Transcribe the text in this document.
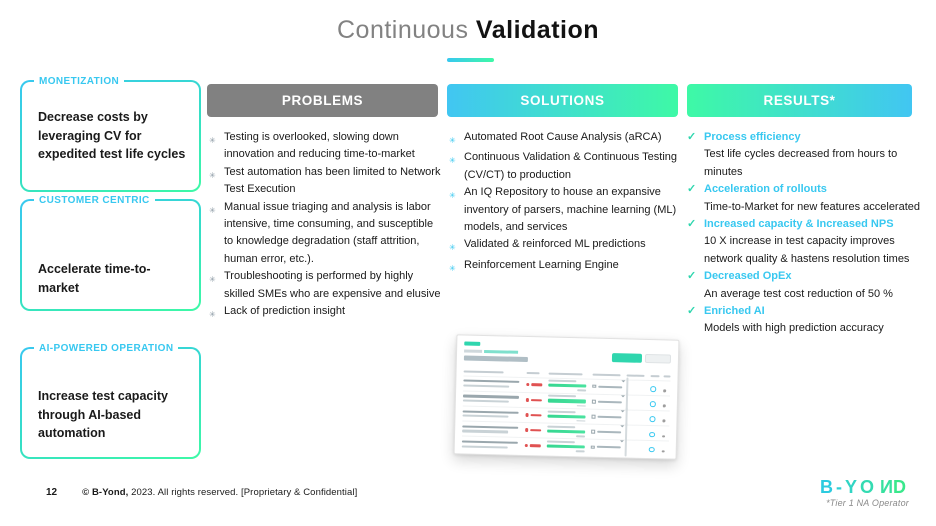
Continuous Validation
MONETIZATION
Decrease costs by leveraging CV for expedited test life cycles
CUSTOMER CENTRIC
Accelerate time-to-market
AI-POWERED OPERATION
Increase test capacity through AI-based automation
PROBLEMS	SOLUTIONS	RESULTS*
✳ Testing is overlooked, slowing down innovation and reducing time-to-market
✳ Test automation has been limited to Network Test Execution
✳ Manual issue triaging and analysis is labor intensive, time consuming, and susceptible to knowledge degradation (staff attrition, human error, etc.).
✳ Troubleshooting is performed by highly skilled SMEs who are expensive and elusive
✳ Lack of prediction insight
✳ Automated Root Cause Analysis (aRCA)
✳ Continuous Validation & Continuous Testing (CV/CT) to production
✳ An IQ Repository to house an expansive inventory of parsers, machine learning (ML) models, and services
✳ Validated & reinforced ML predictions
✳ Reinforcement Learning Engine
✓ Process efficiency
Test life cycles decreased from hours to minutes
✓ Acceleration of rollouts
Time-to-Market for new features accelerated
✓ Increased capacity & Increased NPS
10 X increase in test capacity improves network quality & hastens resolution times
✓ Decreased OpEx
An average test cost reduction of 50 %
✓ Enriched AI
Models with high prediction accuracy
12	© B-Yond, 2023. All rights reserved. [Proprietary & Confidential]	B-YOND
*Tier 1 NA Operator
